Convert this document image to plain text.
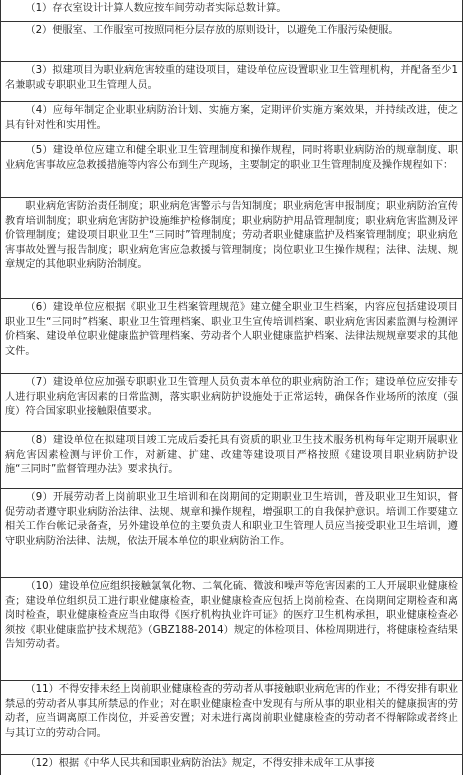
（1）存衣室设计计算人数应按车间劳动者实际总数计算。
（2）便服室、工作服室可按照同柜分层存放的原则设计，以避免工作服污染便服。
（3）拟建项目为职业病危害较重的建设项目，建设单位应设置职业卫生管理机构，并配备至少1名兼职或专职职业卫生管理人员。
（4）应每年制定企业职业病防治计划、实施方案，定期评价实施方案效果，并持续改进，使之具有针对性和实用性。
（5）建设单位应建立和健全职业卫生管理制度和操作规程，同时将职业病防治的规章制度、职业病危害事故应急救援措施等内容公布到生产现场，主要制定的职业卫生管理制度及操作规程如下：
职业病危害防治责任制度；职业病危害警示与告知制度；职业病危害申报制度；职业病防治宣传教育培训制度；职业病危害防护设施维护检修制度；职业病防护用品管理制度；职业病危害监测及评价管理制度；建设项目职业卫生“三同时”管理制度；劳动者职业健康监护及档案管理制度；职业病危害事故处置与报告制度；职业病危害应急救援与管理制度；岗位职业卫生操作规程；法律、法规、规章规定的其他职业病防治制度。
（6）建设单位应根据《职业卫生档案管理规范》建立健全职业卫生档案，内容应包括建设项目职业卫生“三同时”档案、职业卫生管理档案、职业卫生宣传培训档案、职业病危害因素监测与检测评价档案、建设单位职业健康监护管理档案、劳动者个人职业健康监护档案、法律法规规章要求的其他文件。
（7）建设单位应加强专职职业卫生管理人员负责本单位的职业病防治工作；建设单位应安排专人进行职业病危害因素的日常监测，落实职业病防护设施处于正常运转，确保各作业场所的浓度（强度）符合国家职业接触限值要求。
（8）建设单位在拟建项目竣工完成后委托具有资质的职业卫生技术服务机构每年定期开展职业病危害因素检测与评价工作，对新建、扩建、改建等建设项目严格按照《建设项目职业病防护设施“三同时”监督管理办法》要求执行。
（9）开展劳动者上岗前职业卫生培训和在岗期间的定期职业卫生培训，普及职业卫生知识，督促劳动者遵守职业病防治法律、法规、规章和操作规程，增强职工的自我保护意识。培训工作要建立相关工作台帐记录备查，另外建设单位的主要负责人和职业卫生管理人员应当接受职业卫生培训，遵守职业病防治法律、法规，依法开展本单位的职业病防治工作。
（10）建设单位应组织接触氯氧化物、二氧化硫、微波和噪声等危害因素的工人开展职业健康检查；建设单位组织员工进行职业健康检查，职业健康检查应包括上岗前检查、在岗期间定期检查和离岗时检查，职业健康检查应当由取得《医疗机构执业许可证》的医疗卫生机构承担，职业健康检查必须按《职业健康监护技术规范》（GBZ188-2014）规定的体检项目、体检周期进行，将健康检查结果告知劳动者。
（11）不得安排未经上岗前职业健康检查的劳动者从事接触职业病危害的作业；不得安排有职业禁忌的劳动者从事其所禁忌的作业；对在职业健康检查中发现有与所从事的职业相关的健康损害的劳动者，应当调离原工作岗位，并妥善安置；对未进行离岗前职业健康检查的劳动者不得解除或者终止与其订立的劳动合同。
（12）根据《中华人民共和国职业病防治法》规定，不得安排未成年工从事接
